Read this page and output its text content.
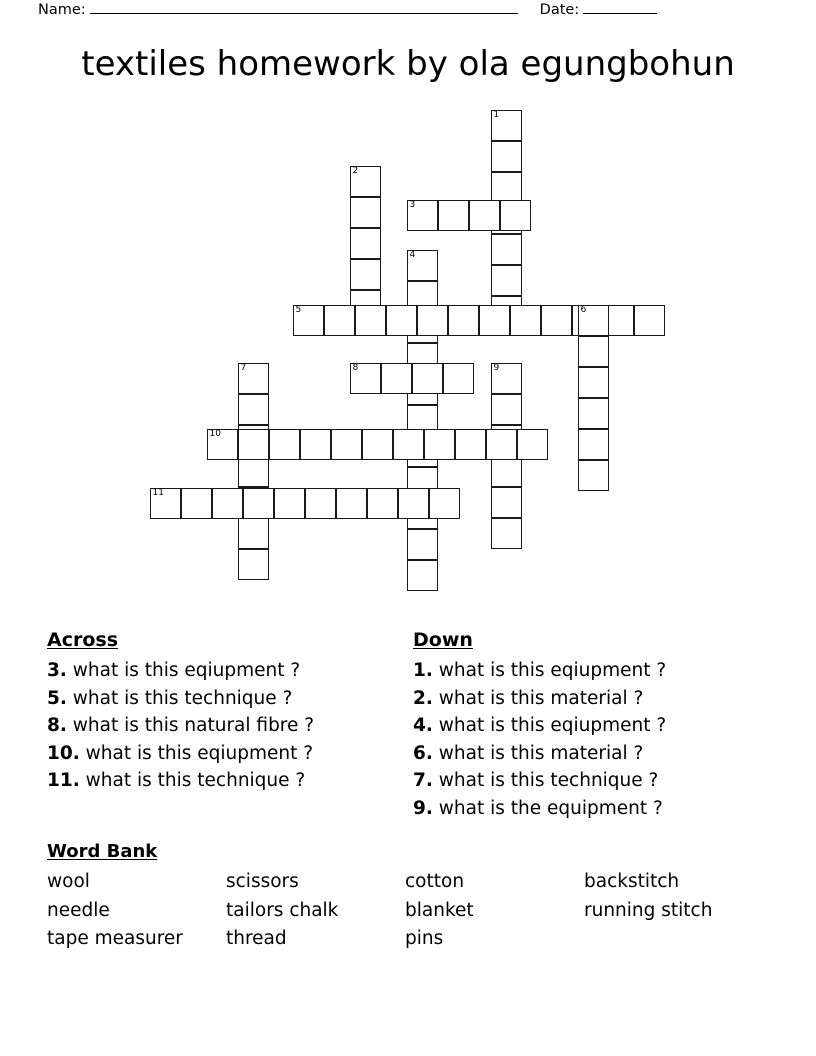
Name:	Date:
textiles homework by ola egungbohun
1
2
3
4
5	6
7	8	9
10
11
Across
3. what is this eqiupment ?
5. what is this technique ?
8. what is this natural fibre ?
10. what is this eqiupment ?
11. what is this technique ?
Down
1. what is this eqiupment ?
2. what is this material ?
4. what is this eqiupment ?
6. what is this material ?
7. what is this technique ?
9. what is the equipment ?
Word Bank
wool	scissors	cotton	backstitch
needle	tailors chalk	blanket	running stitch
tape measurer	thread	pins
